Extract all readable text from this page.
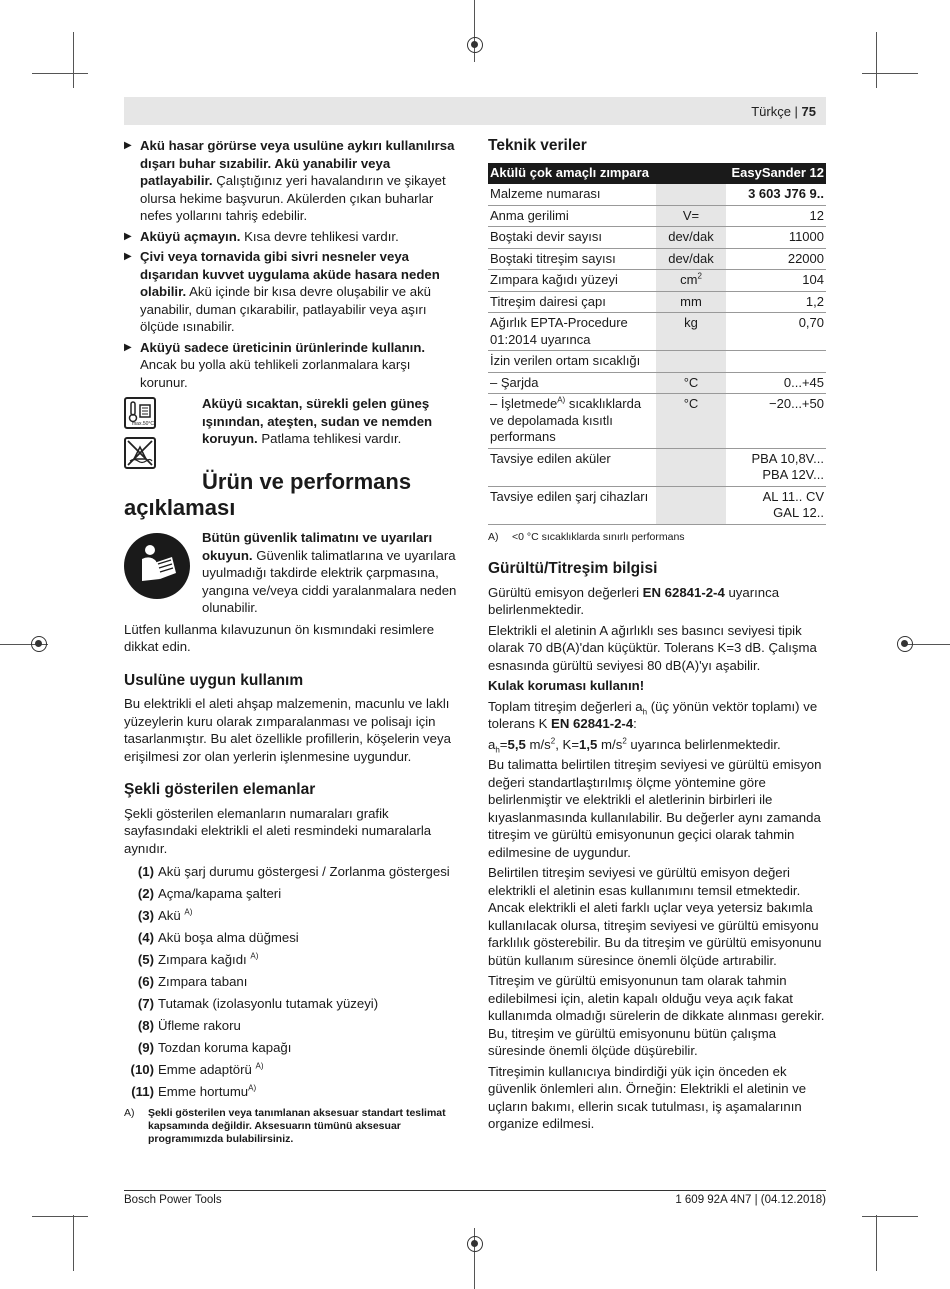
Türkçe | 75
▶ Akü hasar görürse veya usulüne aykırı kullanılırsa dışarı buhar sızabilir. Akü yanabilir veya patlayabilir. Çalıştığınız yeri havalandırın ve şikayet olursa hekime başvurun. Akülerden çıkan buharlar nefes yollarını tahriş edebilir.
▶ Aküyü açmayın. Kısa devre tehlikesi vardır.
▶ Çivi veya tornavida gibi sivri nesneler veya dışarıdan kuvvet uygulama aküde hasara neden olabilir. Akü içinde bir kısa devre oluşabilir ve akü yanabilir, duman çıkarabilir, patlayabilir veya aşırı ölçüde ısınabilir.
▶ Aküyü sadece üreticinin ürünlerinde kullanın. Ancak bu yolla akü tehlikeli zorlanmalara karşı korunur.
max.50°C
Aküyü sıcaktan, sürekli gelen güneş ışınından, ateşten, sudan ve nemden koruyun. Patlama tehlikesi vardır.
Ürün ve performans
açıklaması
Bütün güvenlik talimatını ve uyarıları okuyun. Güvenlik talimatlarına ve uyarılara uyulmadığı takdirde elektrik çarpmasına, yangına ve/veya ciddi yaralanmalara neden olunabilir.

Lütfen kullanma kılavuzunun ön kısmındaki resimlere dikkat edin.

Usulüne uygun kullanım

Bu elektrikli el aleti ahşap malzemenin, macunlu ve laklı yüzeylerin kuru olarak zımparalanması ve polisajı için tasarlanmıştır. Bu alet özellikle profillerin, köşelerin veya erişilmesi zor olan yerlerin işlenmesine uygundur.

Şekli gösterilen elemanlar

Şekli gösterilen elemanların numaraları grafik sayfasındaki elektrikli el aleti resmindeki numaralarla aynıdır.

(1) Akü şarj durumu göstergesi / Zorlanma göstergesi
(2) Açma/kapama şalteri
(3) Akü $^{A)}$
(4) Akü boşa alma düğmesi
(5) Zımpara kağıdı $^{A)}$
(6) Zımpara tabanı
(7) Tutamak (izolasyonlu tutamak yüzeyi)
(8) Üfleme rakoru
(9) Tozdan koruma kapağı
(10) Emme adaptörü $^{A)}$
(11) Emme hortumu$^{A)}$
A)	Şekli gösterilen veya tanımlanan aksesuar standart teslimat kapsamında değildir. Aksesuarın tümünü aksesuar programımızda bulabilirsiniz.
Teknik veriler
Akülü çok amaçlı zımpara		EasySander 12
Malzeme numarası		3 603 J76 9..
Anma gerilimi	V=	12
Boştaki devir sayısı	dev/dak	11000
Boştaki titreşim sayısı	dev/dak	22000
Zımpara kağıdı yüzeyi	$cm^2$	104
Titreşim dairesi çapı	mm	1,2
Ağırlık EPTA-Procedure 01:2014 uyarınca	kg	0,70
İzin verilen ortam sıcaklığı		
– Şarjda	°C	0...+45
– İşletmede$^{A)}$ sıcaklıklarda ve depolamada kısıtlı performans	°C	−20...+50
Tavsiye edilen aküler		PBA 10,8V...
PBA 12V...
Tavsiye edilen şarj cihazları		AL 11.. CV
GAL 12..
A)	<0 °C sıcaklıklarda sınırlı performans
Gürültü/Titreşim bilgisi

Gürültü emisyon değerleri EN 62841-2-4 uyarınca belirlenmektedir.

Elektrikli el aletinin A ağırlıklı ses basıncı seviyesi tipik olarak 70 dB(A)'dan küçüktür. Tolerans K=3 dB. Çalışma esnasında gürültü seviyesi 80 dB(A)'yı aşabilir.

Kulak koruması kullanın!

Toplam titreşim değerleri $a_h$ (üç yönün vektör toplamı) ve tolerans K EN 62841-2-4:

$a_h=5,5$ $m/s^2$, K=1,5 $m/s^2$ uyarınca belirlenmektedir.

Bu talimatta belirtilen titreşim seviyesi ve gürültü emisyon değeri standartlaştırılmış ölçme yöntemine göre belirlenmiştir ve elektrikli el aletlerinin birbirleri ile kıyaslanmasında kullanılabilir. Bu değerler aynı zamanda titreşim ve gürültü emisyonunun geçici olarak tahmin edilmesine de uygundur.

Belirtilen titreşim seviyesi ve gürültü emisyon değeri elektrikli el aletinin esas kullanımını temsil etmektedir. Ancak elektrikli el aleti farklı uçlar veya yetersiz bakımla kullanılacak olursa, titreşim seviyesi ve gürültü emisyonu farklılık gösterebilir. Bu da titreşim ve gürültü emisyonunu bütün kullanım süresince önemli ölçüde artırabilir.

Titreşim ve gürültü emisyonunun tam olarak tahmin edilebilmesi için, aletin kapalı olduğu veya açık fakat kullanımda olmadığı sürelerin de dikkate alınması gerekir. Bu, titreşim ve gürültü emisyonunu bütün çalışma süresinde önemli ölçüde düşürebilir.

Titreşimin kullanıcıya bindirdiği yük için önceden ek güvenlik önlemleri alın. Örneğin: Elektrikli el aletinin ve uçların bakımı, ellerin sıcak tutulması, iş aşamalarının organize edilmesi.

Bosch Power Tools	1 609 92A 4N7 | (04.12.2018)
